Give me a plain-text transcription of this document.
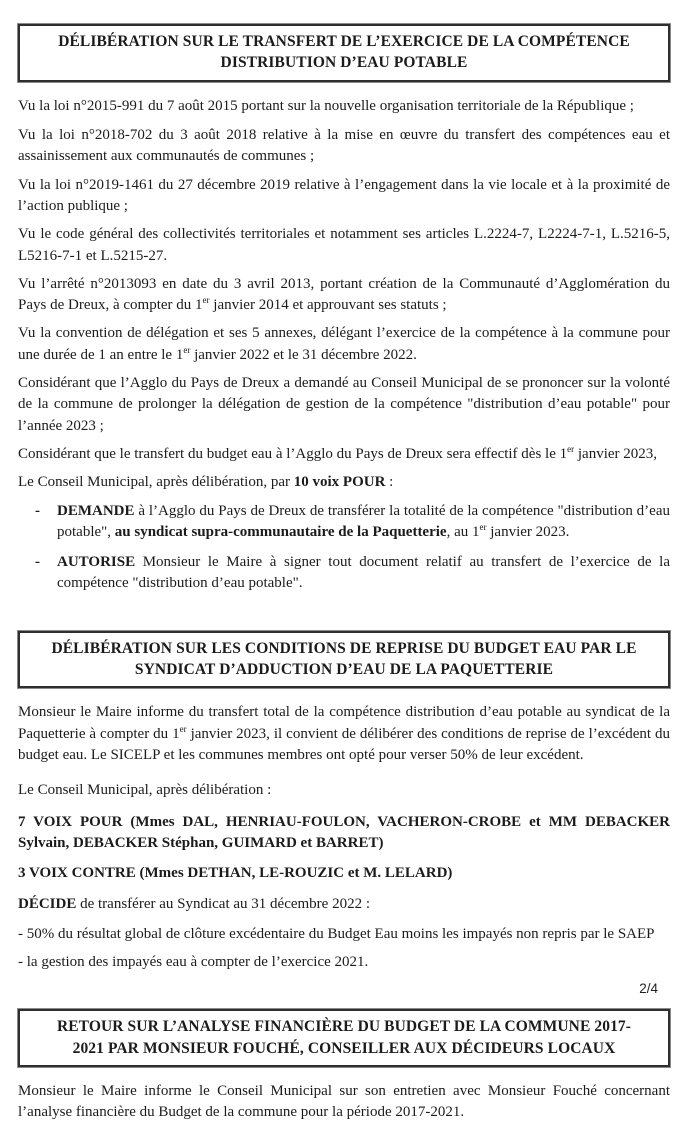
DÉLIBÉRATION SUR LE TRANSFERT DE L’EXERCICE DE LA COMPÉTENCE DISTRIBUTION D’EAU POTABLE

Vu la loi n°2015-991 du 7 août 2015 portant sur la nouvelle organisation territoriale de la République ;

Vu la loi n°2018-702 du 3 août 2018 relative à la mise en œuvre du transfert des compétences eau et assainissement aux communautés de communes ;

Vu la loi n°2019-1461 du 27 décembre 2019 relative à l’engagement dans la vie locale et à la proximité de l’action publique ;

Vu le code général des collectivités territoriales et notamment ses articles L.2224-7, L2224-7-1, L.5216-5, L5216-7-1 et L.5215-27.

Vu l’arrêté n°2013093 en date du 3 avril 2013, portant création de la Communauté d’Agglomération du Pays de Dreux, à compter du 1er janvier 2014 et approuvant ses statuts ;

Vu la convention de délégation et ses 5 annexes, délégant l’exercice de la compétence à la commune pour une durée de 1 an entre le 1er janvier 2022 et le 31 décembre 2022.

Considérant que l’Agglo du Pays de Dreux a demandé au Conseil Municipal de se prononcer sur la volonté de la commune de prolonger la délégation de gestion de la compétence "distribution d’eau potable" pour l’année 2023 ;

Considérant que le transfert du budget eau à l’Agglo du Pays de Dreux sera effectif dès le 1er janvier 2023,

Le Conseil Municipal, après délibération, par 10 voix POUR :

-	DEMANDE à l’Agglo du Pays de Dreux de transférer la totalité de la compétence "distribution d’eau potable", au syndicat supra-communautaire de la Paquetterie, au 1er janvier 2023.

-	AUTORISE Monsieur le Maire à signer tout document relatif au transfert de l’exercice de la compétence "distribution d’eau potable".

DÉLIBÉRATION SUR LES CONDITIONS DE REPRISE DU BUDGET EAU PAR LE SYNDICAT D’ADDUCTION D’EAU DE LA PAQUETTERIE

Monsieur le Maire informe du transfert total de la compétence distribution d’eau potable au syndicat de la Paquetterie à compter du 1er janvier 2023, il convient de délibérer des conditions de reprise de l’excédent du budget eau. Le SICELP et les communes membres ont opté pour verser 50% de leur excédent.

Le Conseil Municipal, après délibération :

7 VOIX POUR (Mmes DAL, HENRIAU-FOULON, VACHERON-CROBE et MM DEBACKER Sylvain, DEBACKER Stéphan, GUIMARD et BARRET)

3 VOIX CONTRE (Mmes DETHAN, LE-ROUZIC et M. LELARD)

DÉCIDE de transférer au Syndicat au 31 décembre 2022 :

- 50% du résultat global de clôture excédentaire du Budget Eau moins les impayés non repris par le SAEP

- la gestion des impayés eau à compter de l’exercice 2021.

RETOUR SUR L’ANALYSE FINANCIÈRE DU BUDGET DE LA COMMUNE 2017-2021 PAR MONSIEUR FOUCHÉ, CONSEILLER AUX DÉCIDEURS LOCAUX

Monsieur le Maire informe le Conseil Municipal sur son entretien avec Monsieur Fouché concernant l’analyse financière du Budget de la commune pour la période 2017-2021.

2/4
